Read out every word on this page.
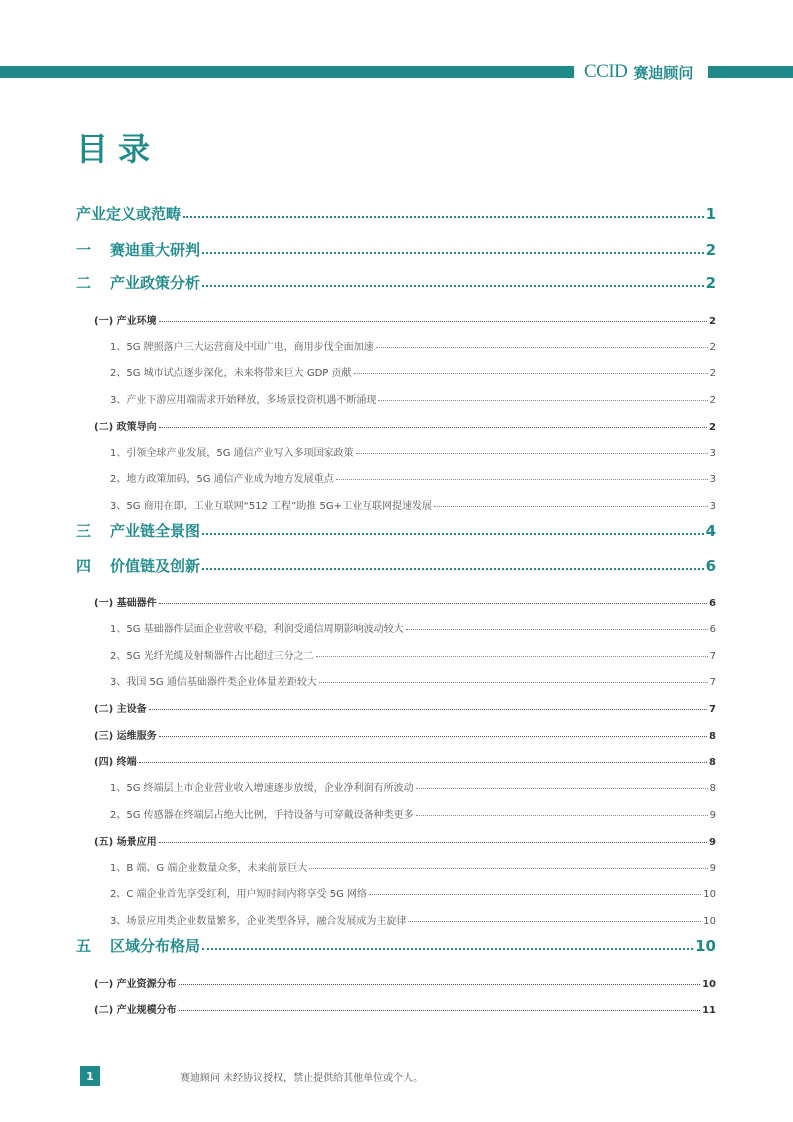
CCID 赛迪顾问
目录
产业定义或范畴	1
一	赛迪重大研判	2
二	产业政策分析	2
(一) 产业环境	2
1、5G 牌照落户三大运营商及中国广电，商用步伐全面加速	2
2、5G 城市试点逐步深化，未来将带来巨大 GDP 贡献	2
3、产业下游应用端需求开始释放，多场景投资机遇不断涌现	2
(二) 政策导向	2
1、引领全球产业发展，5G 通信产业写入多项国家政策	3
2、地方政策加码，5G 通信产业成为地方发展重点	3
3、5G 商用在即，工业互联网“512 工程”助推 5G+工业互联网提速发展	3
三	产业链全景图	4
四	价值链及创新	6
(一) 基础器件	6
1、5G 基础器件层面企业营收平稳，利润受通信周期影响波动较大	6
2、5G 光纤光缆及射频器件占比超过三分之二	7
3、我国 5G 通信基础器件类企业体量差距较大	7
(二) 主设备	7
(三) 运维服务	8
(四) 终端	8
1、5G 终端层上市企业营业收入增速逐步放缓，企业净利润有所波动	8
2、5G 传感器在终端层占绝大比例，手持设备与可穿戴设备种类更多	9
(五) 场景应用	9
1、B 端、G 端企业数量众多，未来前景巨大	9
2、C 端企业首先享受红利，用户短时间内将享受 5G 网络	10
3、场景应用类企业数量繁多，企业类型各异，融合发展成为主旋律	10
五	区域分布格局	10
(一) 产业资源分布	10
(二) 产业规模分布	11
1	赛迪顾问 未经协议授权，禁止提供给其他单位或个人。
